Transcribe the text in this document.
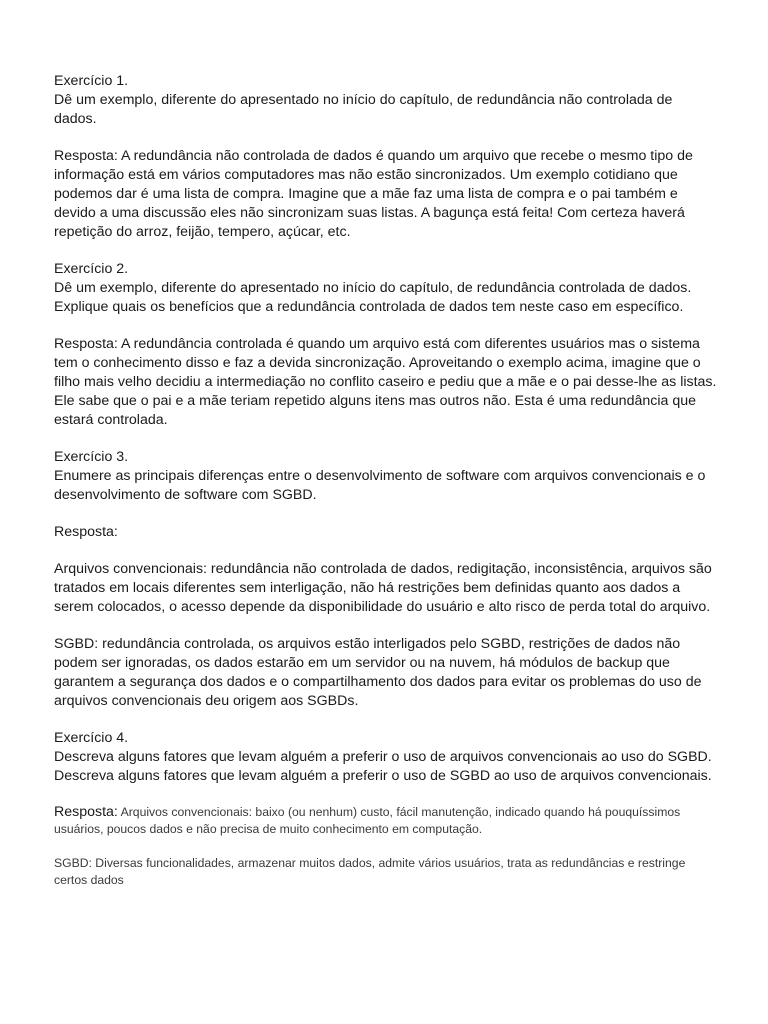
Exercício 1.

Dê um exemplo, diferente do apresentado no início do capítulo, de redundância não controlada de dados.

Resposta: A redundância não controlada de dados é quando um arquivo que recebe o mesmo tipo de informação está em vários computadores mas não estão sincronizados. Um exemplo cotidiano que podemos dar é uma lista de compra. Imagine que a mãe faz uma lista de compra e o pai também e devido a uma discussão eles não sincronizam suas listas. A bagunça está feita! Com certeza haverá repetição do arroz, feijão, tempero, açúcar, etc.

Exercício 2.

Dê um exemplo, diferente do apresentado no início do capítulo, de redundância controlada de dados.

Explique quais os benefícios que a redundância controlada de dados tem neste caso em específico.

Resposta: A redundância controlada é quando um arquivo está com diferentes usuários mas o sistema tem o conhecimento disso e faz a devida sincronização. Aproveitando o exemplo acima, imagine que o filho mais velho decidiu a intermediação no conflito caseiro e pediu que a mãe e o pai desse-lhe as listas. Ele sabe que o pai e a mãe teriam repetido alguns itens mas outros não. Esta é uma redundância que estará controlada.

Exercício 3.

Enumere as principais diferenças entre o desenvolvimento de software com arquivos convencionais e o desenvolvimento de software com SGBD.

Resposta:

Arquivos convencionais: redundância não controlada de dados, redigitação, inconsistência, arquivos são tratados em locais diferentes sem interligação, não há restrições bem definidas quanto aos dados a serem colocados, o acesso depende da disponibilidade do usuário e alto risco de perda total do arquivo.

SGBD: redundância controlada, os arquivos estão interligados pelo SGBD, restrições de dados não podem ser ignoradas, os dados estarão em um servidor ou na nuvem, há módulos de backup que garantem a segurança dos dados e o compartilhamento dos dados para evitar os problemas do uso de arquivos convencionais deu origem aos SGBDs.

Exercício 4.

Descreva alguns fatores que levam alguém a preferir o uso de arquivos convencionais ao uso do SGBD.

Descreva alguns fatores que levam alguém a preferir o uso de SGBD ao uso de arquivos convencionais.

Resposta: Arquivos convencionais: baixo (ou nenhum) custo, fácil manutenção, indicado quando há pouquíssimos usuários, poucos dados e não precisa de muito conhecimento em computação.

SGBD: Diversas funcionalidades, armazenar muitos dados, admite vários usuários, trata as redundâncias e restringe certos dados
